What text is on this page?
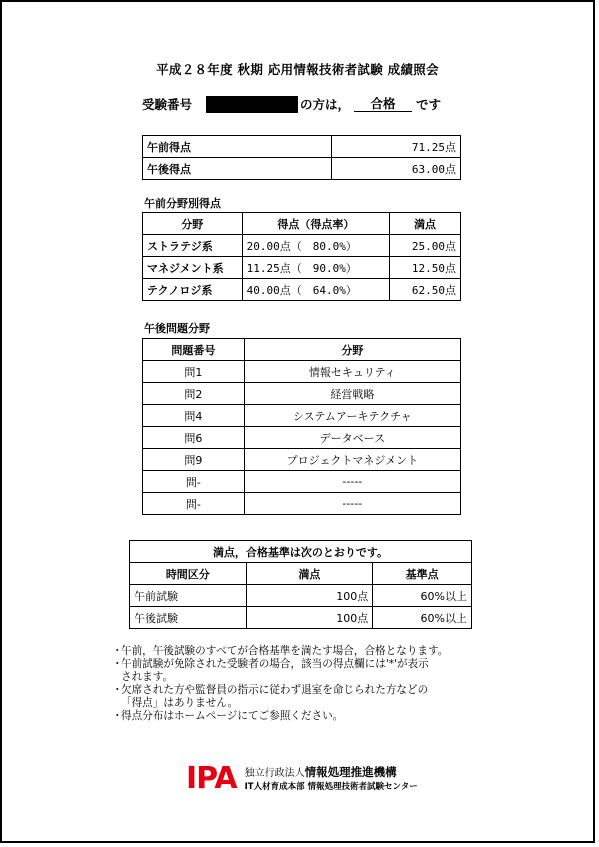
平成２８年度 秋期 応用情報技術者試験 成績照会
受験番号	の方は，	合格	です
午前得点	71.25点
午後得点	63.00点
午前分野別得点
分野	得点（得点率）	満点
ストラテジ系	20.00点（　80.0%）	25.00点
マネジメント系	11.25点（　90.0%）	12.50点
テクノロジ系	40.00点（　64.0%）	62.50点
午後問題分野
問題番号	分野
問1	情報セキュリティ
問2	経営戦略
問4	システムアーキテクチャ
問6	データベース
問9	プロジェクトマネジメント
問-	-----
問-	-----
満点，合格基準は次のとおりです。		
時間区分	満点	基準点
午前試験	100点	60%以上
午後試験	100点	60%以上
・
午前，午後試験のすべてが合格基準を満たす場合，合格となります。
・
午前試験が免除された受験者の場合，該当の得点欄には'*'が表示
されます。
・
欠席された方や監督員の指示に従わず退室を命じられた方などの
「得点」はありません。
・
得点分布はホームページにてご参照ください。
IPA 独立行政法人情報処理推進機構
IT人材育成本部 情報処理技術者試験センター
